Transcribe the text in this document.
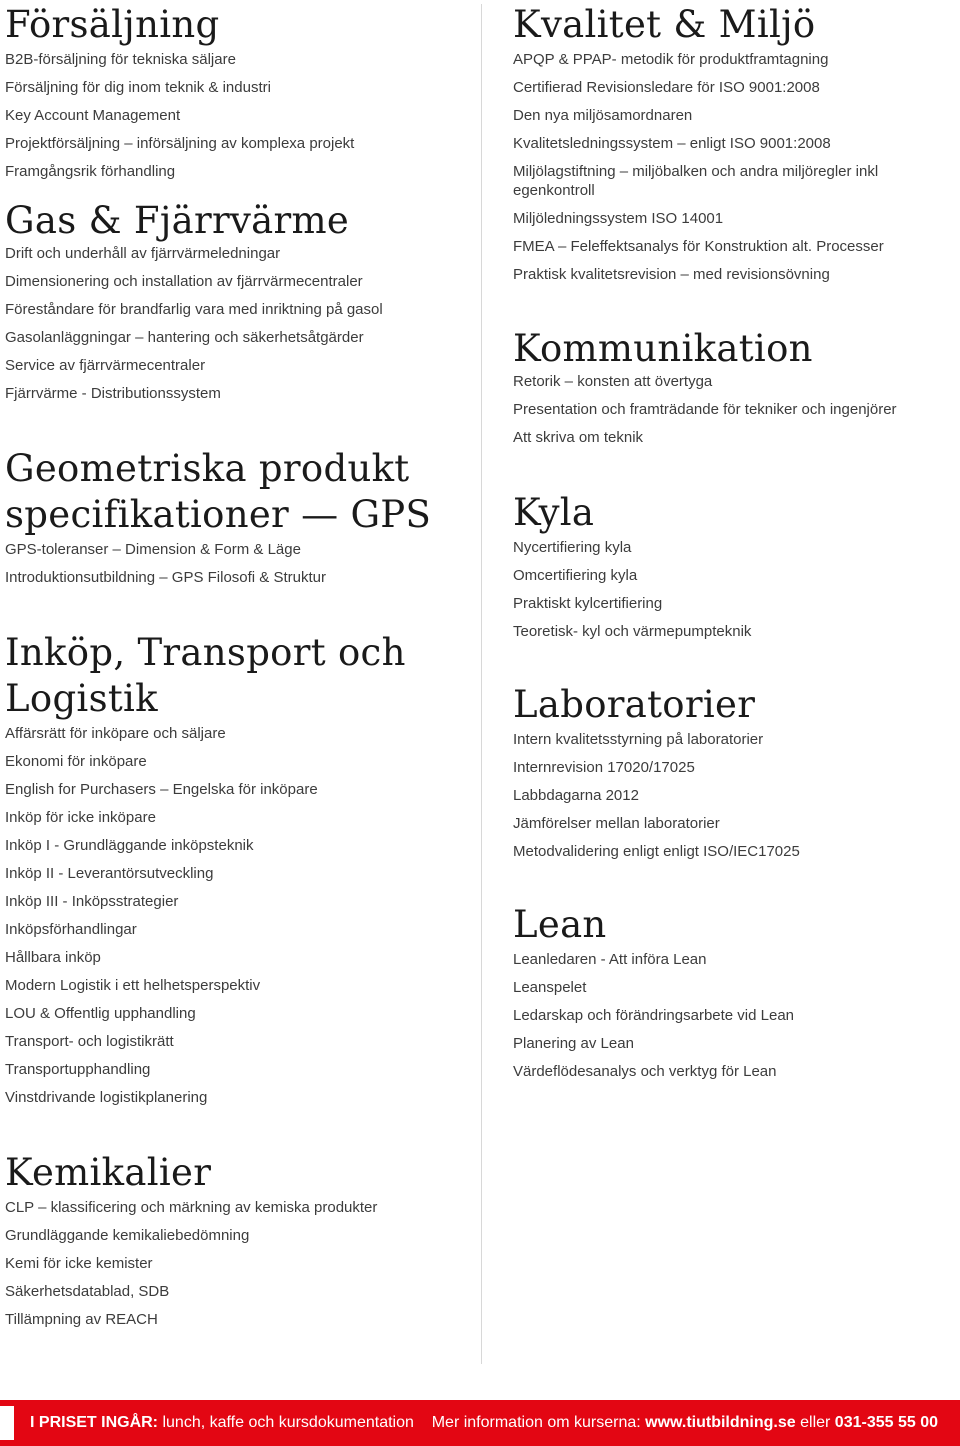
Försäljning
B2B-försäljning för tekniska säljare
Försäljning för dig inom teknik & industri
Key Account Management
Projektförsäljning – införsäljning av komplexa projekt
Framgångsrik förhandling
Gas & Fjärrvärme
Drift och underhåll av fjärrvärmeledningar
Dimensionering och installation av fjärrvärmecentraler
Föreståndare för brandfarlig vara med inriktning på gasol
Gasolanläggningar – hantering och säkerhetsåtgärder
Service av fjärrvärmecentraler
Fjärrvärme - Distributionssystem
Geometriska produkt
specifikationer — GPS
GPS-toleranser – Dimension & Form & Läge
Introduktionsutbildning – GPS Filosofi & Struktur
Inköp, Transport och
Logistik
Affärsrätt för inköpare och säljare
Ekonomi för inköpare
English for Purchasers – Engelska för inköpare
Inköp för icke inköpare
Inköp I - Grundläggande inköpsteknik
Inköp II - Leverantörsutveckling
Inköp III - Inköpsstrategier
Inköpsförhandlingar
Hållbara inköp
Modern Logistik i ett helhetsperspektiv
LOU & Offentlig upphandling
Transport- och logistikrätt
Transportupphandling
Vinstdrivande logistikplanering
Kemikalier
CLP – klassificering och märkning av kemiska produkter
Grundläggande kemikaliebedömning
Kemi för icke kemister
Säkerhetsdatablad, SDB
Tillämpning av REACH
Kvalitet & Miljö
APQP & PPAP- metodik för produktframtagning
Certifierad Revisionsledare för ISO 9001:2008
Den nya miljösamordnaren
Kvalitetsledningssystem – enligt ISO 9001:2008
Miljölagstiftning – miljöbalken och andra miljöregler inkl egenkontroll
Miljöledningssystem ISO 14001
FMEA – Feleffektsanalys för Konstruktion alt. Processer
Praktisk kvalitetsrevision – med revisionsövning
Kommunikation
Retorik – konsten att övertyga
Presentation och framträdande för tekniker och ingenjörer
Att skriva om teknik
Kyla
Nycertifiering kyla
Omcertifiering kyla
Praktiskt kylcertifiering
Teoretisk- kyl och värmepumpteknik
Laboratorier
Intern kvalitetsstyrning på laboratorier
Internrevision 17020/17025
Labbdagarna 2012
Jämförelser mellan laboratorier
Metodvalidering enligt enligt ISO/IEC17025
Lean
Leanledaren - Att införa Lean
Leanspelet
Ledarskap och förändringsarbete vid Lean
Planering av Lean
Värdeflödesanalys och verktyg för Lean
I PRISET INGÅR: lunch, kaffe och kursdokumentation Mer information om kurserna: www.tiutbildning.se eller 031-355 55 00
